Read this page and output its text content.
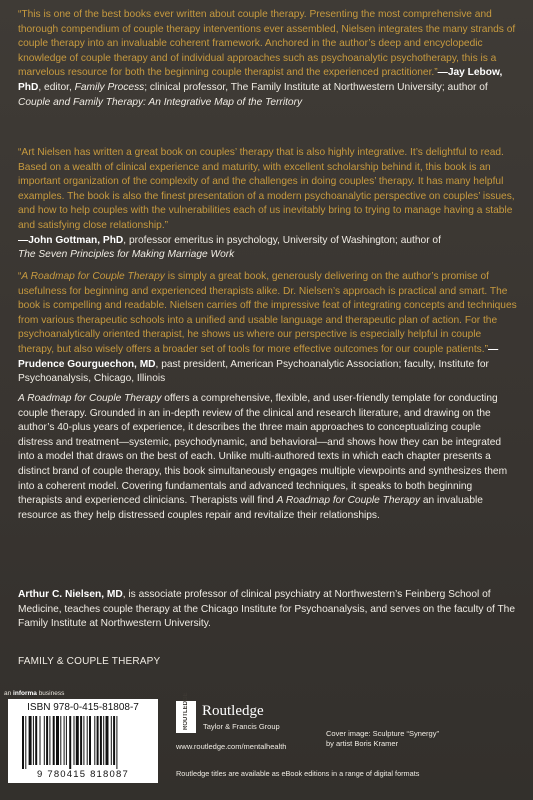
“This is one of the best books ever written about couple therapy. Presenting the most comprehensive and thorough compendium of couple therapy interventions ever assembled, Nielsen integrates the many strands of couple therapy into an invaluable coherent framework. Anchored in the author’s deep and encyclopedic knowledge of couple therapy and of individual approaches such as psychoanalytic psychotherapy, this is a marvelous resource for both the beginning couple therapist and the experienced practitioner.”—Jay Lebow, PhD, editor, Family Process; clinical professor, The Family Institute at Northwestern University; author of Couple and Family Therapy: An Integrative Map of the Territory
“Art Nielsen has written a great book on couples’ therapy that is also highly integrative. It’s delightful to read. Based on a wealth of clinical experience and maturity, with excellent scholarship behind it, this book is an important organization of the complexity of and the challenges in doing couples’ therapy. It has many helpful examples. The book is also the finest presentation of a modern psychoanalytic perspective on couples’ issues, and how to help couples with the vulnerabilities each of us inevitably bring to trying to manage having a stable and satisfying close relationship.”
—John Gottman, PhD, professor emeritus in psychology, University of Washington; author of
The Seven Principles for Making Marriage Work
“A Roadmap for Couple Therapy is simply a great book, generously delivering on the author’s promise of usefulness for beginning and experienced therapists alike. Dr. Nielsen’s approach is practical and smart. The book is compelling and readable. Nielsen carries off the impressive feat of integrating concepts and techniques from various therapeutic schools into a unified and usable language and therapeutic plan of action. For the psychoanalytically oriented therapist, he shows us where our perspective is especially helpful in couple therapy, but also wisely offers a broader set of tools for more effective outcomes for our couple patients.”—Prudence Gourguechon, MD, past president, American Psychoanalytic Association; faculty, Institute for Psychoanalysis, Chicago, Illinois
A Roadmap for Couple Therapy offers a comprehensive, flexible, and user-friendly template for conducting couple therapy. Grounded in an in-depth review of the clinical and research literature, and drawing on the author’s 40-plus years of experience, it describes the three main approaches to conceptualizing couple distress and treatment—systemic, psychodynamic, and behavioral—and shows how they can be integrated into a model that draws on the best of each. Unlike multi-authored texts in which each chapter presents a distinct brand of couple therapy, this book simultaneously engages multiple viewpoints and synthesizes them into a coherent model. Covering fundamentals and advanced techniques, it speaks to both beginning therapists and experienced clinicians. Therapists will find A Roadmap for Couple Therapy an invaluable resource as they help distressed couples repair and revitalize their relationships.
Arthur C. Nielsen, MD, is associate professor of clinical psychiatry at Northwestern’s Feinberg School of Medicine, teaches couple therapy at the Chicago Institute for Psychoanalysis, and serves on the faculty of The Family Institute at Northwestern University.
FAMILY & COUPLE THERAPY
an informa business
ISBN 978-0-415-81808-7
9 780415 818087
ROUTLEDGE Routledge
Taylor & Francis Group
www.routledge.com/mentalhealth
Cover image: Sculpture “Synergy”
by artist Boris Kramer
Routledge titles are available as eBook editions in a range of digital formats
